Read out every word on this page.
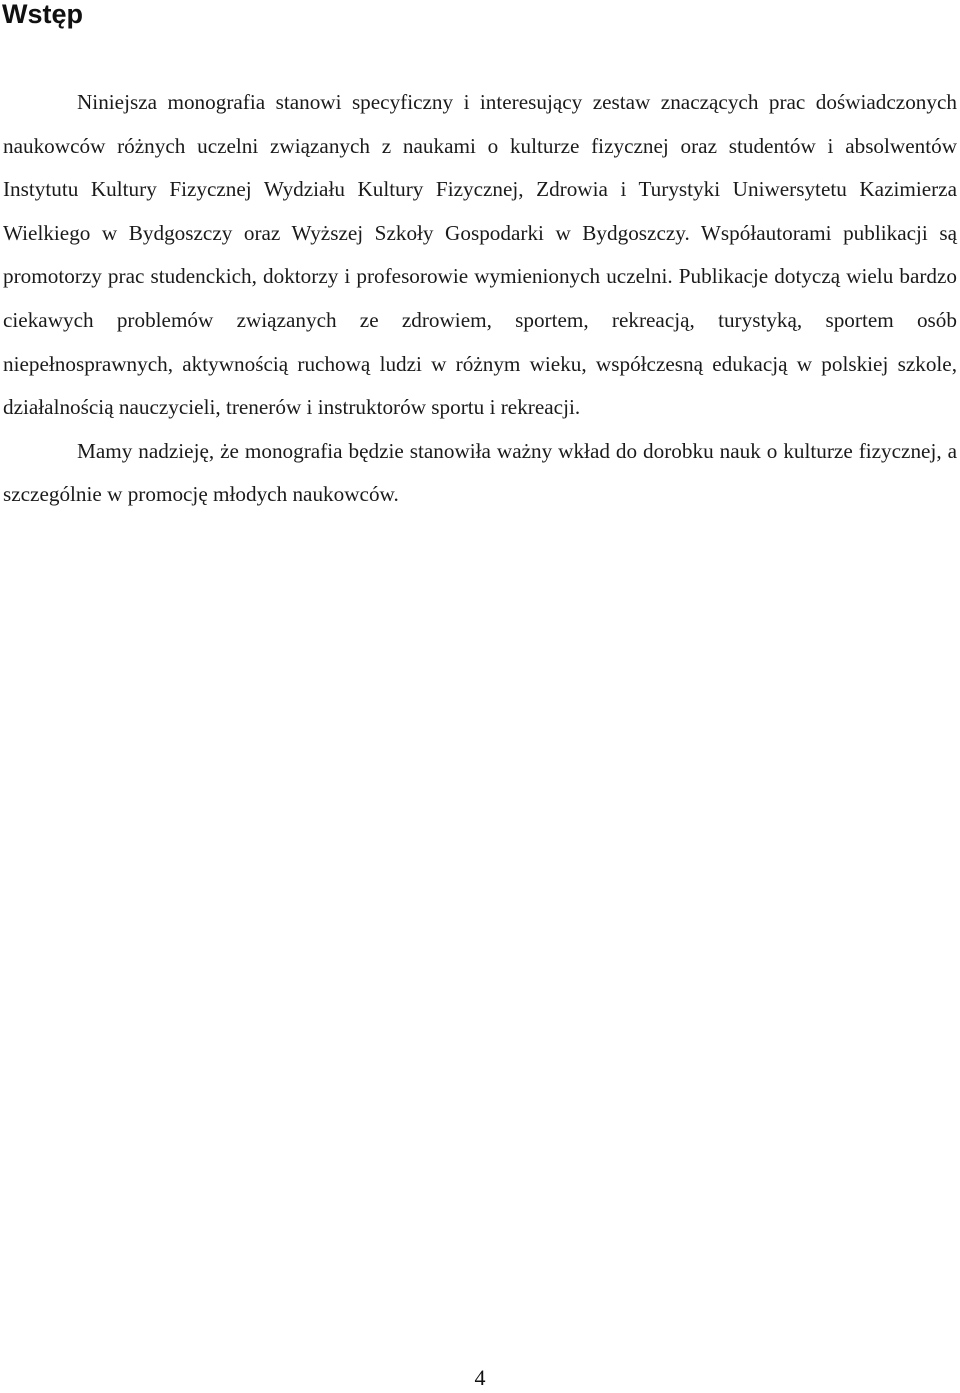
Wstęp

Niniejsza monografia stanowi specyficzny i interesujący zestaw znaczących prac doświadczonych naukowców różnych uczelni związanych z naukami o kulturze fizycznej oraz studentów i absolwentów Instytutu Kultury Fizycznej Wydziału Kultury Fizycznej, Zdrowia i Turystyki Uniwersytetu Kazimierza Wielkiego w Bydgoszczy oraz Wyższej Szkoły Gospodarki w Bydgoszczy. Współautorami publikacji są promotorzy prac studenckich, doktorzy i profesorowie wymienionych uczelni. Publikacje dotyczą wielu bardzo ciekawych problemów związanych ze zdrowiem, sportem, rekreacją, turystyką, sportem osób niepełnosprawnych, aktywnością ruchową ludzi w różnym wieku, współczesną edukacją w polskiej szkole, działalnością nauczycieli, trenerów i instruktorów sportu i rekreacji.

Mamy nadzieję, że monografia będzie stanowiła ważny wkład do dorobku nauk o kulturze fizycznej, a szczególnie w promocję młodych naukowców.

4
